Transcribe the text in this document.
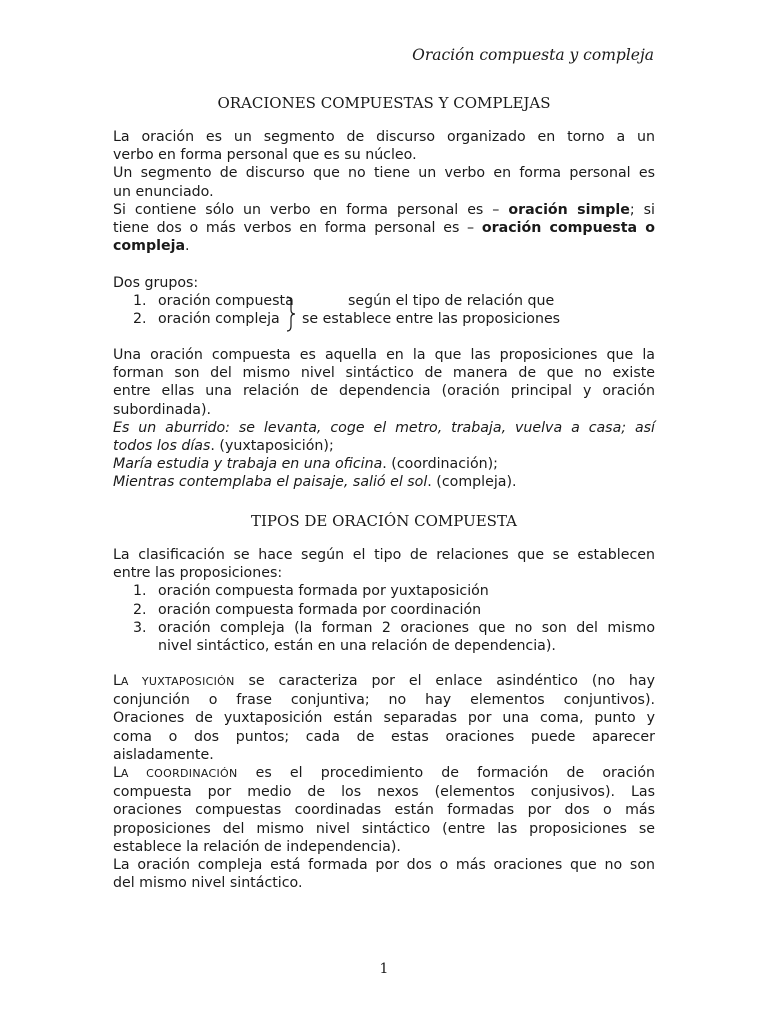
Oración compuesta y compleja
ORACIONES COMPUESTAS Y COMPLEJAS

La oración es un segmento de discurso organizado en torno a un

verbo en forma personal que es su núcleo.

Un segmento de discurso que no tiene un verbo en forma personal es

un enunciado.

Si contiene sólo un verbo en forma personal es – oración simple; si

tiene dos o más verbos en forma personal es – oración compuesta o

compleja.

Dos grupos:

1. oración compuesta	según el tipo de relación que
2. oración compleja se establece entre las proposiciones

Una oración compuesta es aquella en la que las proposiciones que la

forman son del mismo nivel sintáctico de manera de que no existe

entre ellas una relación de dependencia (oración principal y oración

subordinada).

Es un aburrido: se levanta, coge el metro, trabaja, vuelva a casa; así

todos los días. (yuxtaposición);

María estudia y trabaja en una oficina. (coordinación);

Mientras contemplaba el paisaje, salió el sol. (compleja).

TIPOS DE ORACIÓN COMPUESTA

La clasificación se hace según el tipo de relaciones que se establecen

entre las proposiciones:

1. oración compuesta formada por yuxtaposición
2. oración compuesta formada por coordinación
3. oración compleja (la forman 2 oraciones que no son del mismo
nivel sintáctico, están en una relación de dependencia).

LA YUXTAPOSICIÓN se caracteriza por el enlace asindéntico (no hay

conjunción o frase conjuntiva; no hay elementos conjuntivos).

Oraciones de yuxtaposición están separadas por una coma, punto y

coma o dos puntos; cada de estas oraciones puede aparecer

aisladamente.

LA COORDINACIÓN es el procedimiento de formación de oración

compuesta por medio de los nexos (elementos conjusivos). Las

oraciones compuestas coordinadas están formadas por dos o más

proposiciones del mismo nivel sintáctico (entre las proposiciones se

establece la relación de independencia).

La oración compleja está formada por dos o más oraciones que no son

del mismo nivel sintáctico.

1
